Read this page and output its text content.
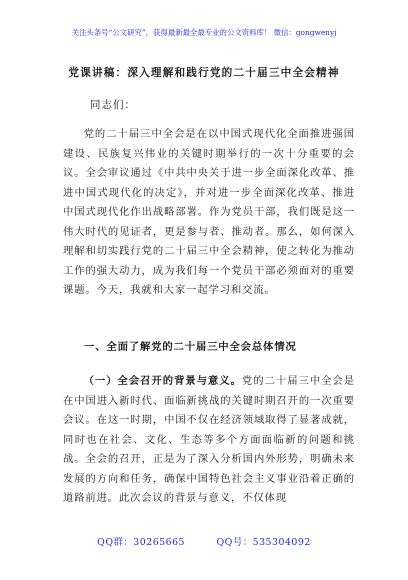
关注头条号“公文研究”，获得最新最全最专业的公文资料库！ 微信：gongwenyj
党课讲稿：深入理解和践行党的二十届三中全会精神
同志们：

党的二十届三中全会是在以中国式现代化全面推进强国建设、民族复兴伟业的关键时期举行的一次十分重要的会议。全会审议通过《中共中央关于进一步全面深化改革、推进中国式现代化的决定》，并对进一步全面深化改革、推进中国式现代化作出战略部署。作为党员干部，我们既是这一伟大时代的见证者，更是参与者、推动者。那么，如何深入理解和切实践行党的二十届三中全会精神，使之转化为推动工作的强大动力，成为我们每一个党员干部必须面对的重要课题。今天，我就和大家一起学习和交流。

一、全面了解党的二十届三中全会总体情况

（一）全会召开的背景与意义。党的二十届三中全会是在中国进入新时代、面临新挑战的关键时期召开的一次重要会议。在这一时期，中国不仅在经济领域取得了显著成就，同时也在社会、文化、生态等多个方面面临新的问题和挑战。全会的召开，正是为了深入分析国内外形势，明确未来发展的方向和任务，确保中国特色社会主义事业沿着正确的道路前进。此次会议的背景与意义，不仅体现

QQ群：30265665	QQ号：535304092
